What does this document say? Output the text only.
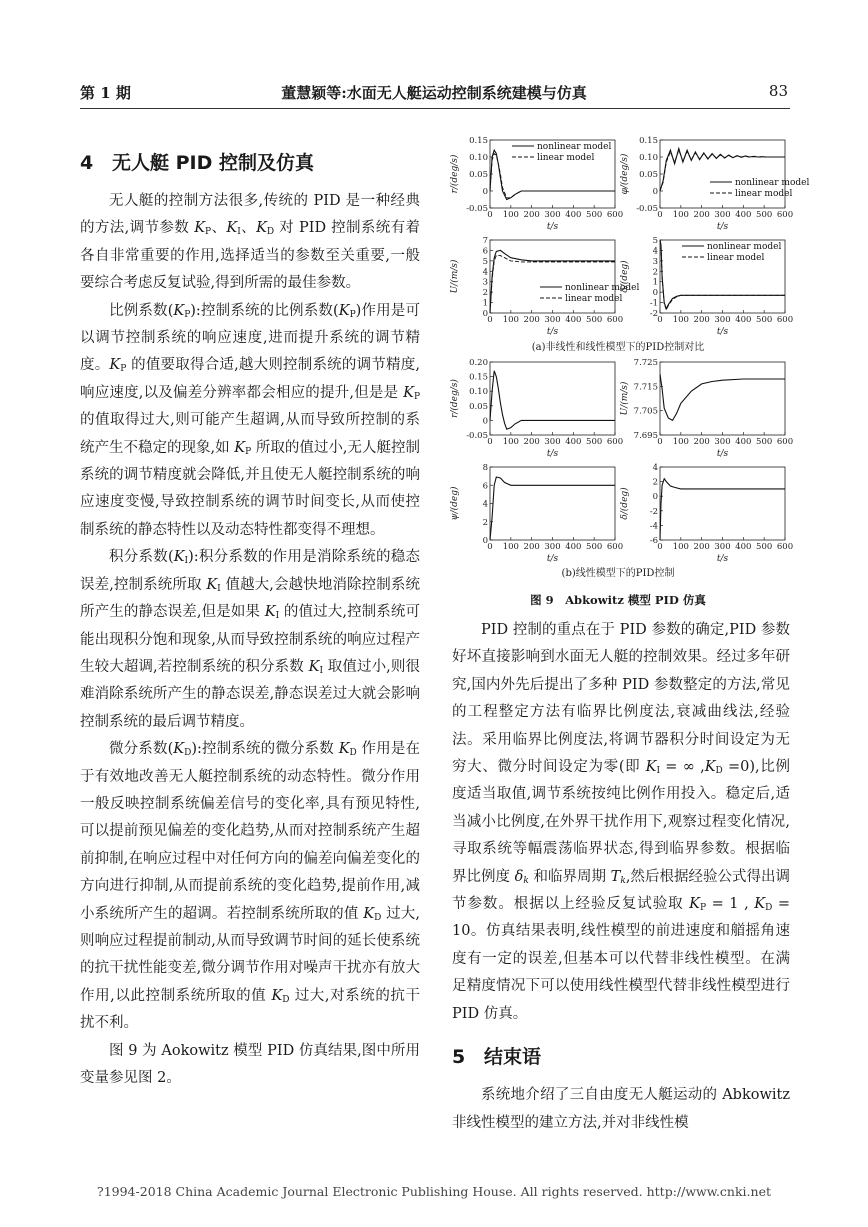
第 1 期	董慧颖等:水面无人艇运动控制系统建模与仿真	83
4 无人艇 PID 控制及仿真

无人艇的控制方法很多,传统的 PID 是一种经典的方法,调节参数 $K_P$、$K_I$、$K_D$ 对 PID 控制系统有着各自非常重要的作用,选择适当的参数至关重要,一般要综合考虑反复试验,得到所需的最佳参数。

比例系数$(K_P)$:控制系统的比例系数$(K_P)$作用是可以调节控制系统的响应速度,进而提升系统的调节精度。$K_P$ 的值要取得合适,越大则控制系统的调节精度,响应速度,以及偏差分辨率都会相应的提升,但是是 $K_P$ 的值取得过大,则可能产生超调,从而导致所控制的系统产生不稳定的现象,如 $K_P$ 所取的值过小,无人艇控制系统的调节精度就会降低,并且使无人艇控制系统的响应速度变慢,导致控制系统的调节时间变长,从而使控制系统的静态特性以及动态特性都变得不理想。

积分系数$(K_I)$:积分系数的作用是消除系统的稳态误差,控制系统所取 $K_I$ 值越大,会越快地消除控制系统所产生的静态误差,但是如果 $K_I$ 的值过大,控制系统可能出现积分饱和现象,从而导致控制系统的响应过程产生较大超调,若控制系统的积分系数 $K_I$ 取值过小,则很难消除系统所产生的静态误差,静态误差过大就会影响控制系统的最后调节精度。

微分系数$(K_D)$:控制系统的微分系数 $K_D$ 作用是在于有效地改善无人艇控制系统的动态特性。微分作用一般反映控制系统偏差信号的变化率,具有预见特性,可以提前预见偏差的变化趋势,从而对控制系统产生超前抑制,在响应过程中对任何方向的偏差向偏差变化的方向进行抑制,从而提前系统的变化趋势,提前作用,减小系统所产生的超调。若控制系统所取的值 $K_D$ 过大,则响应过程提前制动,从而导致调节时间的延长使系统的抗干扰性能变差,微分调节作用对噪声干扰亦有放大作用,以此控制系统所取的值 $K_D$ 过大,对系统的抗干扰不利。

图 9 为 Aokowitz 模型 PID 仿真结果,图中所用变量参见图 2。

0 100 200 300 400 500 600
-0.05
0
0.05
0.10
0.15
t/s
r/(deg/s)
nonlinear model
linear model
0 100 200 300 400 500 600
-0.05
0
0.05
0.10
0.15
t/s
φ/(deg/s)	nonlinear model
linear model
0 100 200 300 400 500 600
0
1
2
3
4
5
6
7
t/s
U/(m/s)	nonlinear model
linear model
0 100 200 300 400 500 600
-2
-1
0
1
2
3
4
5
t/s
δ/(deg)
nonlinear model
linear model
(a)非线性和线性模型下的PID控制对比
0 100 200 300 400 500 600
-0.05
0
0.05
0.10
0.15
0.20
t/s
r/(deg/s)
0 100 200 300 400 500 600
7.695
7.705
7.715
7.725
t/s
U/(m/s)
0 100 200 300 400 500 600
0
2
4
6
8
t/s
ψ/(deg)
0 100 200 300 400 500 600
-6
-4
-2
0
2
4
t/s
δ/(deg)
(b)线性模型下的PID控制
图 9　Abkowitz 模型 PID 仿真

PID 控制的重点在于 PID 参数的确定,PID 参数好坏直接影响到水面无人艇的控制效果。经过多年研究,国内外先后提出了多种 PID 参数整定的方法,常见的工程整定方法有临界比例度法,衰减曲线法,经验法。采用临界比例度法,将调节器积分时间设定为无穷大、微分时间设定为零(即 $K_I$ = ∞ $,K_D =0$),比例度适当取值,调节系统按纯比例作用投入。稳定后,适当减小比例度,在外界干扰作用下,观察过程变化情况,寻取系统等幅震荡临界状态,得到临界参数。根据临界比例度 $\delta_k$ 和临界周期 $T_k$,然后根据经验公式得出调节参数。根据以上经验反复试验取 $K_P = 1$ , $K_D = 10$。仿真结果表明,线性模型的前进速度和艏摇角速度有一定的误差,但基本可以代替非线性模型。在满足精度情况下可以使用线性模型代替非线性模型进行 PID 仿真。

5 结束语

系统地介绍了三自由度无人艇运动的 Abkowitz 非线性模型的建立方法,并对非线性模

?1994-2018 China Academic Journal Electronic Publishing House. All rights reserved. http://www.cnki.net
